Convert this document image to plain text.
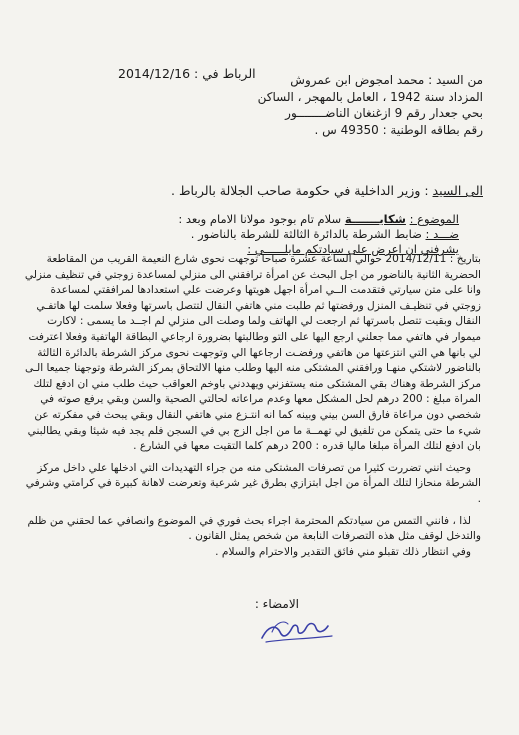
الرباط في : 2014/12/16	من السيد : محمد امجوض ابن عمروش
المزداد سنة 1942 ، العامل بالمهجر ، الساكن
بحي جعدار رقم 9 ازغنغان الناضــــــــور
رقم بطاقه الوطنية : 49350 س .
الى السيد : وزير الداخلية في حكومة صاحب الجلالة بالرباط .
الموضوع : شكايـــــــة سلام تام بوجود مولانا الامام وبعد :
ضـــد : ضابط الشرطة بالدائرة الثالثة للشرطة بالناضور .
يشرفني ان اعرض على سيادتكم مايلــــــي :

بتاريخ : 2014/12/11 حوالي الساعة عشرة صباحا توجهت نحوى شارع النعيمة القريب من المقاطعة الحضرية الثانية بالناضور من اجل البحث عن امرأة ترافقني الى منزلي لمساعدة زوجتي في تنظيف منزلي وانا على متن سيارتي فتقدمت الــي امرأة اجهل هويتها وعرضت علي استعدادها لمرافقتي لمساعدة زوجتي في تنظيـف المنزل ورفضتها ثم طلبت مني هاتفي النقال لتتصل باسرتها وفعلا سلمت لها هاتفـي النقال وبقيت تتصل باسرتها ثم ارجعت لي الهاتف ولما وصلت الى منزلي لم اجــد ما يسمى : لاكارت ميموار في هاتفي مما جعلني ارجع اليها على التو وطالبتها بضرورة ارجاعي البطاقة الهاتفية وفعلا اعترفت لي بانها هي التي انتزعتها من هاتفي ورفضـت ارجاعها الي وتوجهت نحوى مركز الشرطة بالدائرة الثالثة بالناضور لاشتكي منهـا ورافقني المشتكى منه اليها وطلب منها الالتحاق بمركز الشرطة وتوجهنا جميعا الـى مركز الشرطة وهناك بقي المشتكى منه يستفزني ويهددني باوخم العواقب حيث طلب مني ان ادفع لتلك المراة مبلغ : 200 درهم لحل المشكل معها وعدم مراعاته لحالتي الصحية والسن وبقي يرفع صوته في شخصي دون مراعاة فارق السن بيني وبينه كما انه انتـزع مني هاتفي النقال وبقي يبحث في مفكرته عن شيء ما حتى يتمكن من تلفيق لي تهمــة ما من اجل الزج بي في السجن فلم يجد فيه شيئا وبقي يطالبني بان ادفع لتلك المرأة مبلغا ماليا قدره : 200 درهم كلما التقيت معها في الشارع .

وحيث انني تضررت كثيرا من تصرفات المشتكى منه من جراء التهديدات التي ادخلها علي داخل مركز الشرطة منحازا لتلك المرأة من اجل ابتزازي بطرق غير شرعية وتعرضت لاهانة كبيرة في كرامتي وشرفي .

لذا ، فانني التمس من سيادتكم المحترمة اجراء بحث فوري في الموضوع وانصافي عما لحقني من ظلم والتدخل لوقف مثل هذه التصرفات النابعة من شخص يمثل القانون .

وفي انتظار ذلك تقبلو مني فائق التقدير والاحترام والسلام .

الامضاء :
